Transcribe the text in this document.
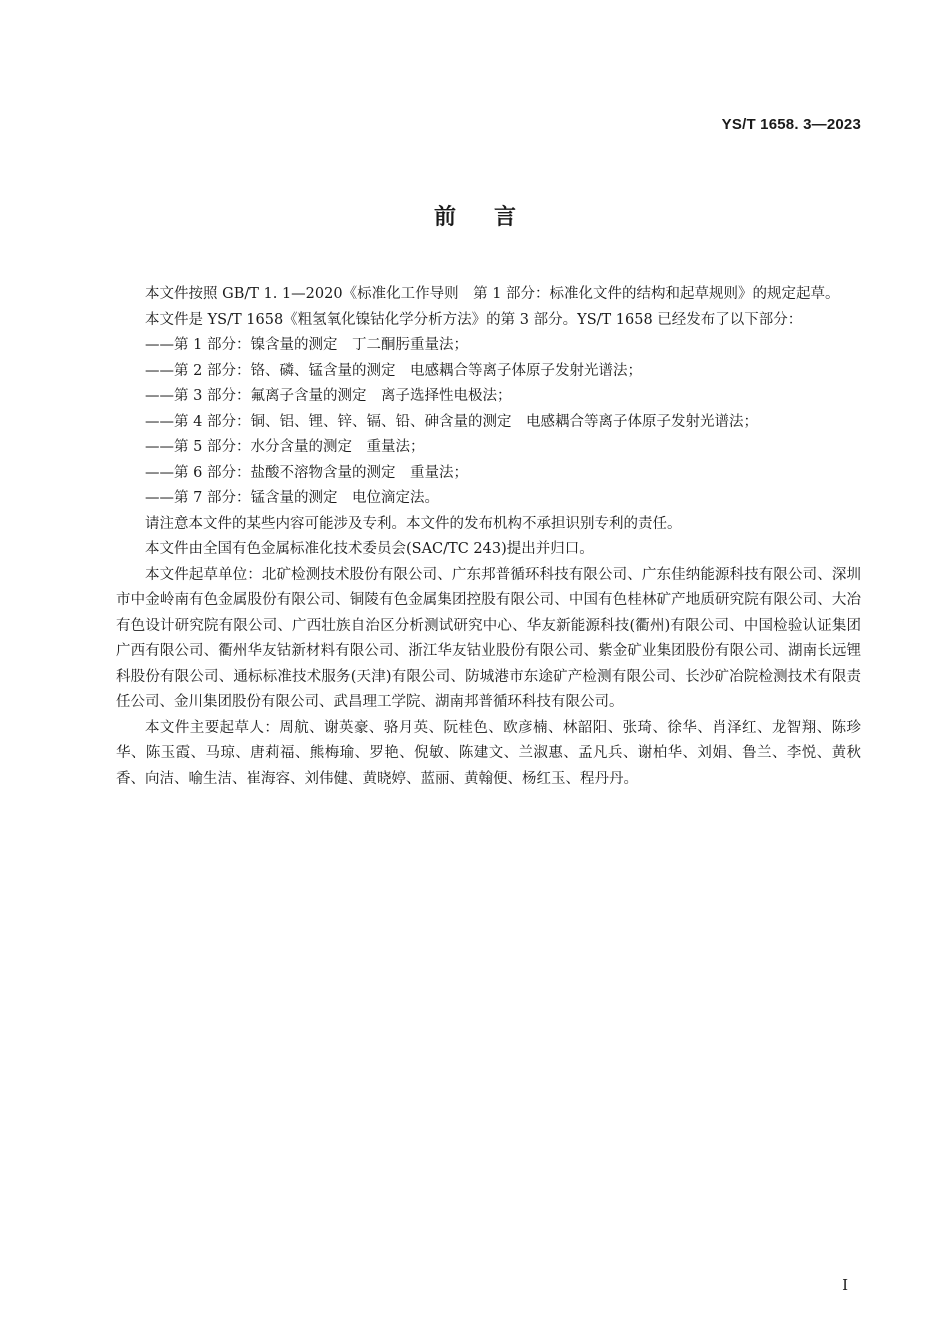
YS/T 1658. 3—2023
前言

本文件按照 GB/T 1. 1—2020《标准化工作导则　第 1 部分：标准化文件的结构和起草规则》的规定起草。

本文件是 YS/T 1658《粗氢氧化镍钴化学分析方法》的第 3 部分。YS/T 1658 已经发布了以下部分：

——第 1 部分：镍含量的测定　丁二酮肟重量法；

——第 2 部分：铬、磷、锰含量的测定　电感耦合等离子体原子发射光谱法；

——第 3 部分：氟离子含量的测定　离子选择性电极法；

——第 4 部分：铜、铝、锂、锌、镉、铅、砷含量的测定　电感耦合等离子体原子发射光谱法；

——第 5 部分：水分含量的测定　重量法；

——第 6 部分：盐酸不溶物含量的测定　重量法；

——第 7 部分：锰含量的测定　电位滴定法。

请注意本文件的某些内容可能涉及专利。本文件的发布机构不承担识别专利的责任。

本文件由全国有色金属标准化技术委员会(SAC/TC 243)提出并归口。

本文件起草单位：北矿检测技术股份有限公司、广东邦普循环科技有限公司、广东佳纳能源科技有限公司、深圳市中金岭南有色金属股份有限公司、铜陵有色金属集团控股有限公司、中国有色桂林矿产地质研究院有限公司、大冶有色设计研究院有限公司、广西壮族自治区分析测试研究中心、华友新能源科技(衢州)有限公司、中国检验认证集团广西有限公司、衢州华友钴新材料有限公司、浙江华友钴业股份有限公司、紫金矿业集团股份有限公司、湖南长远锂科股份有限公司、通标标准技术服务(天津)有限公司、防城港市东途矿产检测有限公司、长沙矿冶院检测技术有限责任公司、金川集团股份有限公司、武昌理工学院、湖南邦普循环科技有限公司。

本文件主要起草人：周航、谢英豪、骆月英、阮桂色、欧彦楠、林韶阳、张琦、徐华、肖泽红、龙智翔、陈珍华、陈玉霞、马琼、唐莉福、熊梅瑜、罗艳、倪敏、陈建文、兰淑惠、孟凡兵、谢柏华、刘娟、鲁兰、李悦、黄秋香、向洁、喻生洁、崔海容、刘伟健、黄晓婷、蓝丽、黄翰便、杨红玉、程丹丹。

I
